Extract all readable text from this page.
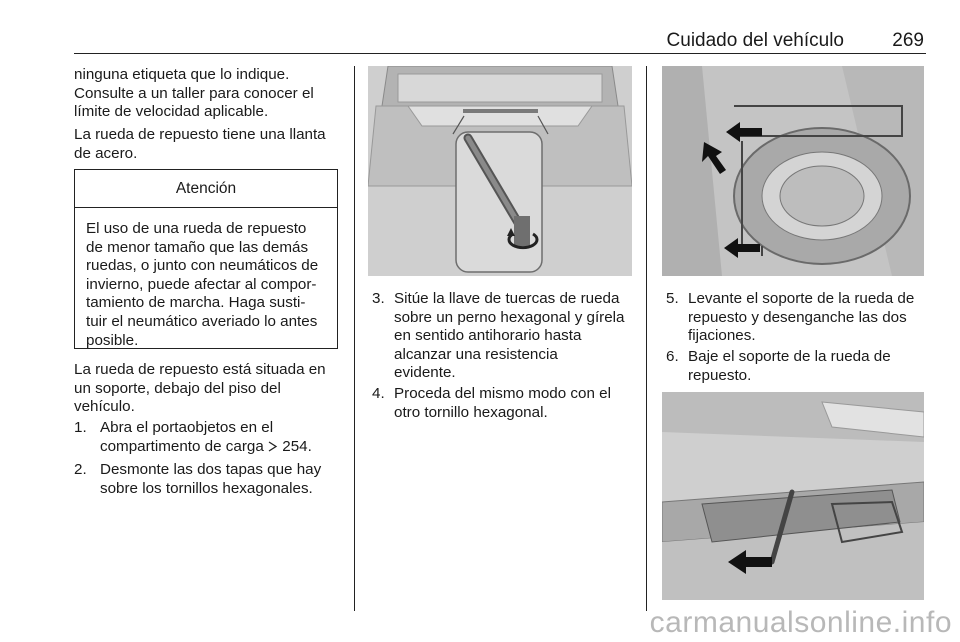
Cuidado del vehículo	269

ninguna etiqueta que lo indique.

Consulte a un taller para conocer el

límite de velocidad aplicable.

La rueda de repuesto tiene una llanta

de acero.

Atención
El uso de una rueda de repuesto
de menor tamaño que las demás
ruedas, o junto con neumáticos de
invierno, puede afectar al compor-
tamiento de marcha. Haga susti-
tuir el neumático averiado lo antes
posible.

La rueda de repuesto está situada en

un soporte, debajo del piso del

vehículo.

1. Abra el portaobjetos en el
compartimento de carga 254.
2. Desmonte las dos tapas que hay
sobre los tornillos hexagonales.
3. Sitúe la llave de tuercas de rueda
sobre un perno hexagonal y gírela
en sentido antihorario hasta
alcanzar una resistencia
evidente.
4. Proceda del mismo modo con el
otro tornillo hexagonal.
5. Levante el soporte de la rueda de
repuesto y desenganche las dos
fijaciones.
6. Baje el soporte de la rueda de
repuesto.
carmanualsonline.info
